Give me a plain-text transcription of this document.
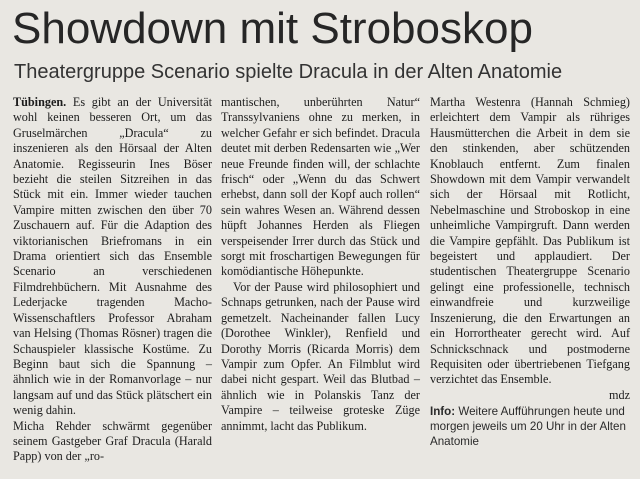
Showdown mit Stroboskop
Theatergruppe Scenario spielte Dracula in der Alten Anatomie

Tübingen. Es gibt an der Universität wohl keinen besseren Ort, um das Gruselmärchen „Dracula“ zu inszenieren als den Hörsaal der Alten Anatomie. Regisseurin Ines Böser bezieht die steilen Sitzreihen in das Stück mit ein. Immer wieder tauchen Vampire mitten zwischen den über 70 Zuschauern auf. Für die Adaption des viktorianischen Briefromans in ein Drama orientiert sich das Ensemble Scenario an verschiedenen Filmdrehbüchern. Mit Ausnahme des Lederjacke tragenden Macho-Wissenschaftlers Professor Abraham van Helsing (Thomas Rösner) tragen die Schauspieler klassische Kostüme. Zu Beginn baut sich die Spannung – ähnlich wie in der Romanvorlage – nur langsam auf und das Stück plätschert ein wenig dahin.

Micha Rehder schwärmt gegenüber seinem Gastgeber Graf Dracula (Harald Papp) von der „ro-

mantischen, unberührten Natur“ Transsylvaniens ohne zu merken, in welcher Gefahr er sich befindet. Dracula deutet mit derben Redensarten wie „Wer neue Freunde finden will, der schlachte frisch“ oder „Wenn du das Schwert erhebst, dann soll der Kopf auch rollen“ sein wahres Wesen an. Während dessen hüpft Johannes Herden als Fliegen verspeisender Irrer durch das Stück und sorgt mit froschartigen Bewegungen für komödiantische Höhepunkte.

Vor der Pause wird philosophiert und Schnaps getrunken, nach der Pause wird gemetzelt. Nacheinander fallen Lucy (Dorothee Winkler), Renfield und Dorothy Morris (Ricarda Morris) dem Vampir zum Opfer. An Filmblut wird dabei nicht gespart. Weil das Blutbad – ähnlich wie in Polanskis Tanz der Vampire – teilweise groteske Züge annimmt, lacht das Publikum.

Martha Westenra (Hannah Schmieg) erleichtert dem Vampir als rühriges Hausmütterchen die Arbeit in dem sie den stinkenden, aber schützenden Knoblauch entfernt. Zum finalen Showdown mit dem Vampir verwandelt sich der Hörsaal mit Rotlicht, Nebelmaschine und Stroboskop in eine unheimliche Vampirgruft. Dann werden die Vampire gepfählt. Das Publikum ist begeistert und applaudiert. Der studentischen Theatergruppe Scenario gelingt eine professionelle, technisch einwandfreie und kurzweilige Inszenierung, die den Erwartungen an ein Horrortheater gerecht wird. Auf Schnickschnack und postmoderne Requisiten oder übertriebenen Tiefgang verzichtet das Ensemble.

mdz
Info: Weitere Aufführungen heute und morgen jeweils um 20 Uhr in der Alten Anatomie
